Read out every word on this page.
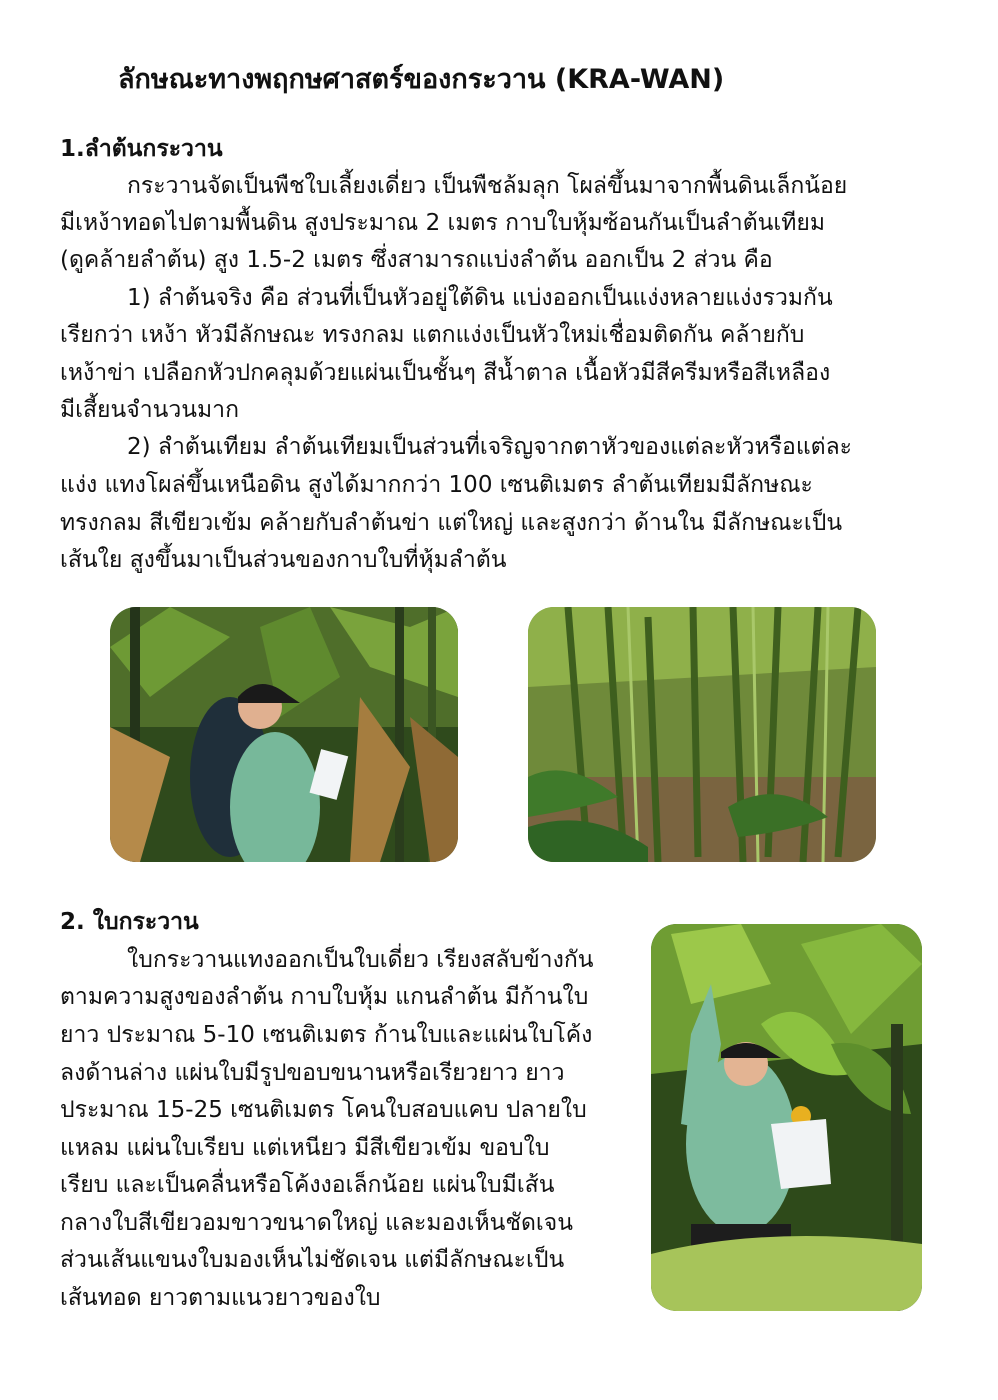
ลักษณะทางพฤกษศาสตร์ของกระวาน (KRA-WAN)
1.ลำต้นกระวาน
กระวานจัดเป็นพืชใบเลี้ยงเดี่ยว เป็นพืชล้มลุก โผล่ขึ้นมาจากพื้นดินเล็กน้อย
มีเหง้าทอดไปตามพื้นดิน สูงประมาณ 2 เมตร กาบใบหุ้มซ้อนกันเป็นลำต้นเทียม
(ดูคล้ายลำต้น) สูง 1.5-2 เมตร ซึ่งสามารถแบ่งลำต้น ออกเป็น 2 ส่วน คือ
1) ลำต้นจริง คือ ส่วนที่เป็นหัวอยู่ใต้ดิน แบ่งออกเป็นแง่งหลายแง่งรวมกัน
เรียกว่า เหง้า หัวมีลักษณะ ทรงกลม แตกแง่งเป็นหัวใหม่เชื่อมติดกัน คล้ายกับ
เหง้าข่า เปลือกหัวปกคลุมด้วยแผ่นเป็นชั้นๆ สีน้ำตาล เนื้อหัวมีสีครีมหรือสีเหลือง
มีเสี้ยนจำนวนมาก
2) ลำต้นเทียม ลำต้นเทียมเป็นส่วนที่เจริญจากตาหัวของแต่ละหัวหรือแต่ละ
แง่ง แทงโผล่ขึ้นเหนือดิน สูงได้มากกว่า 100 เซนติเมตร ลำต้นเทียมมีลักษณะ
ทรงกลม สีเขียวเข้ม คล้ายกับลำต้นข่า แต่ใหญ่ และสูงกว่า ด้านใน มีลักษณะเป็น
เส้นใย สูงขึ้นมาเป็นส่วนของกาบใบที่หุ้มลำต้น
2. ใบกระวาน
ใบกระวานแทงออกเป็นใบเดี่ยว เรียงสลับข้างกัน
ตามความสูงของลำต้น กาบใบหุ้ม แกนลำต้น มีก้านใบ
ยาว ประมาณ 5-10 เซนติเมตร ก้านใบและแผ่นใบโค้ง
ลงด้านล่าง แผ่นใบมีรูปขอบขนานหรือเรียวยาว ยาว
ประมาณ 15-25 เซนติเมตร โคนใบสอบแคบ ปลายใบ
แหลม แผ่นใบเรียบ แต่เหนียว มีสีเขียวเข้ม ขอบใบ
เรียบ และเป็นคลื่นหรือโค้งงอเล็กน้อย แผ่นใบมีเส้น
กลางใบสีเขียวอมขาวขนาดใหญ่ และมองเห็นชัดเจน
ส่วนเส้นแขนงใบมองเห็นไม่ชัดเจน แต่มีลักษณะเป็น
เส้นทอด ยาวตามแนวยาวของใบ
